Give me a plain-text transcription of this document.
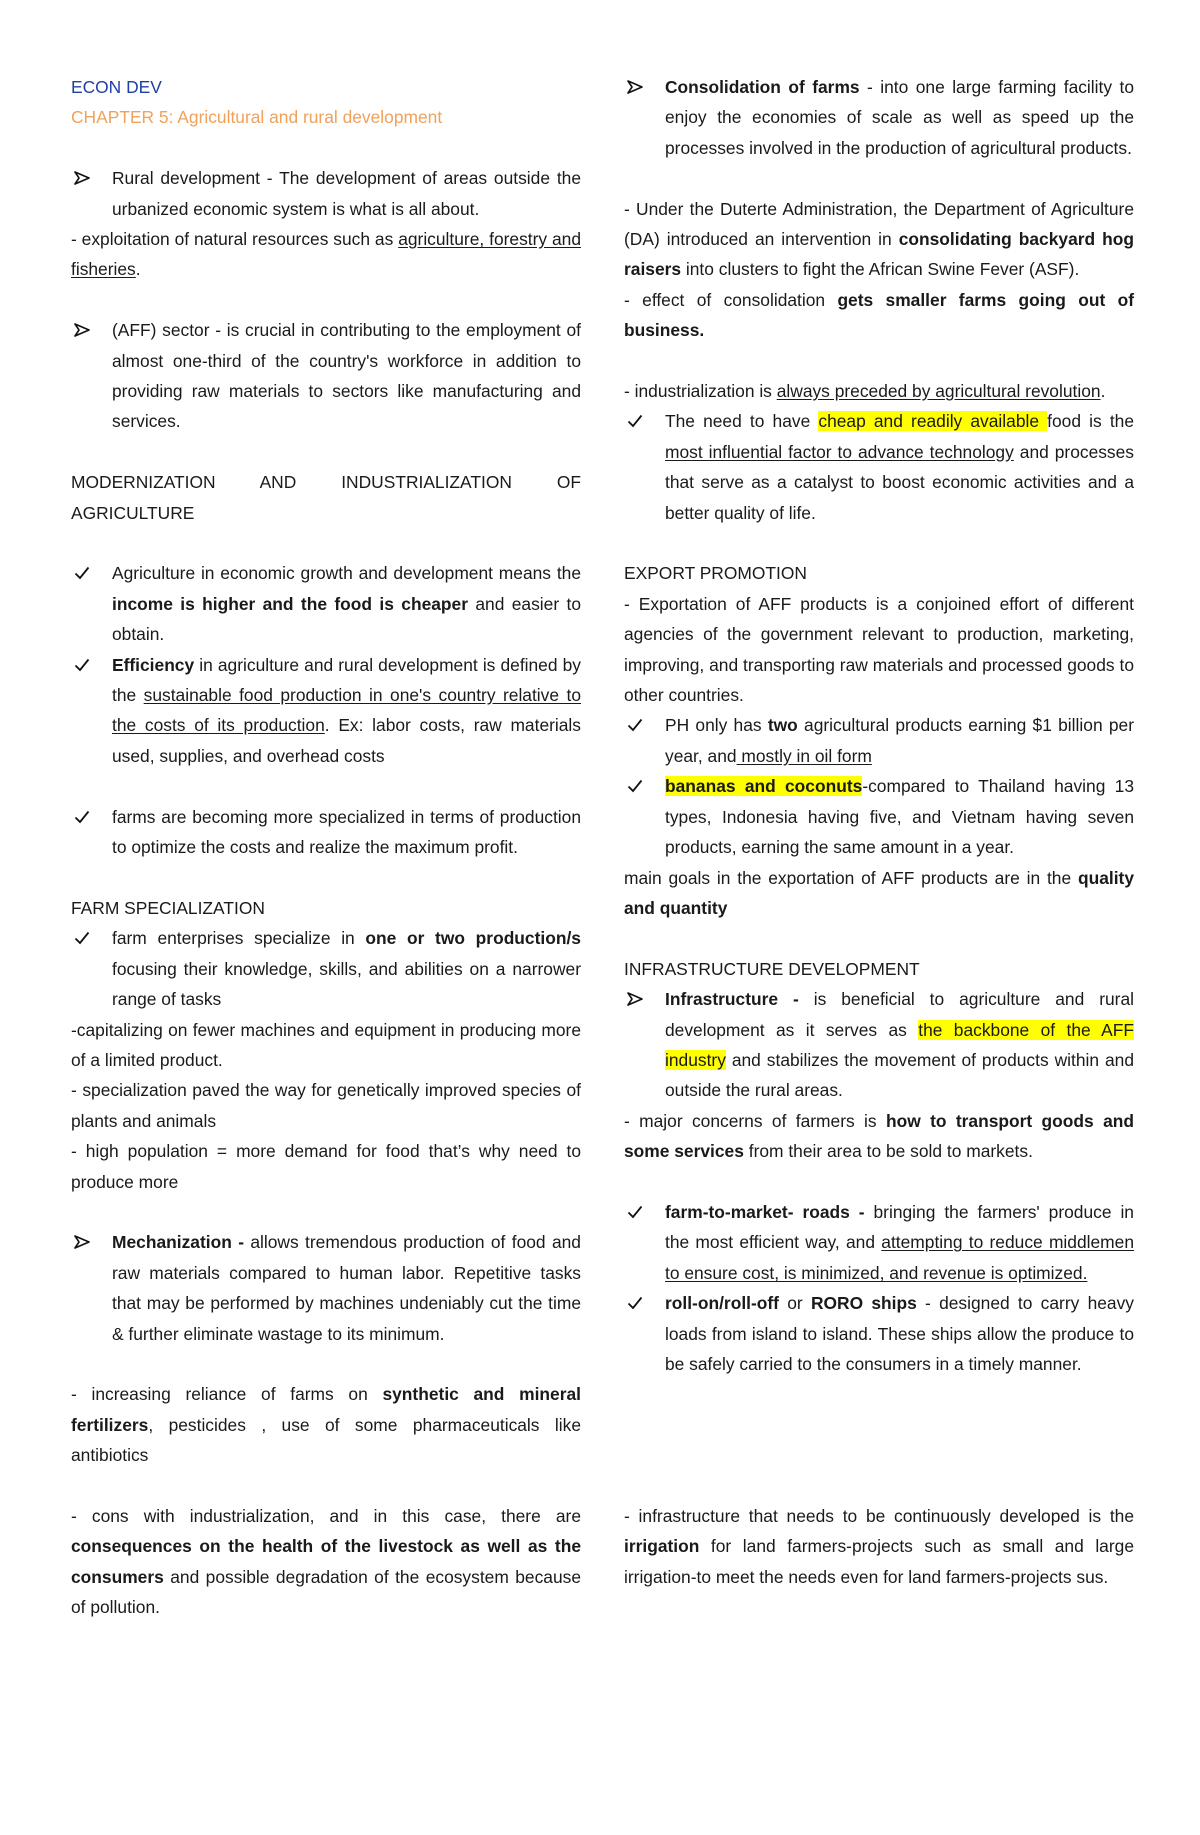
ECON DEV

CHAPTER 5: Agricultural and rural development

Rural development - The development of areas outside the urbanized economic system is what is all about.

- exploitation of natural resources such as agriculture, forestry and fisheries.

(AFF) sector - is crucial in contributing to the employment of almost one-third of the country's workforce in addition to providing raw materials to sectors like manufacturing and services.

MODERNIZATION AND INDUSTRIALIZATION OF AGRICULTURE

Agriculture in economic growth and development means the income is higher and the food is cheaper and easier to obtain.
Efficiency in agriculture and rural development is defined by the sustainable food production in one's country relative to the costs of its production. Ex: labor costs, raw materials used, supplies, and overhead costs
farms are becoming more specialized in terms of production to optimize the costs and realize the maximum profit.

FARM SPECIALIZATION

farm enterprises specialize in one or two production/s focusing their knowledge, skills, and abilities on a narrower range of tasks

-capitalizing on fewer machines and equipment in producing more of a limited product.

- specialization paved the way for genetically improved species of plants and animals

- high population = more demand for food that’s why need to produce more

Mechanization - allows tremendous production of food and raw materials compared to human labor. Repetitive tasks that may be performed by machines undeniably cut the time & further eliminate wastage to its minimum.

- increasing reliance of farms on synthetic and mineral fertilizers, pesticides , use of some pharmaceuticals like antibiotics

- cons with industrialization, and in this case, there are consequences on the health of the livestock as well as the consumers and possible degradation of the ecosystem because of pollution.

Consolidation of farms - into one large farming facility to enjoy the economies of scale as well as speed up the processes involved in the production of agricultural products.

- Under the Duterte Administration, the Department of Agriculture (DA) introduced an intervention in consolidating backyard hog raisers into clusters to fight the African Swine Fever (ASF).

- effect of consolidation gets smaller farms going out of business.

- industrialization is always preceded by agricultural revolution.

The need to have cheap and readily available food is the most influential factor to advance technology and processes that serve as a catalyst to boost economic activities and a better quality of life.

EXPORT PROMOTION

- Exportation of AFF products is a conjoined effort of different agencies of the government relevant to production, marketing, improving, and transporting raw materials and processed goods to other countries.

PH only has two agricultural products earning $1 billion per year, and mostly in oil form
bananas and coconuts-compared to Thailand having 13 types, Indonesia having five, and Vietnam having seven products, earning the same amount in a year.

main goals in the exportation of AFF products are in the quality and quantity

INFRASTRUCTURE DEVELOPMENT

Infrastructure - is beneficial to agriculture and rural development as it serves as the backbone of the AFF industry and stabilizes the movement of products within and outside the rural areas.

- major concerns of farmers is how to transport goods and some services from their area to be sold to markets.

farm-to-market- roads - bringing the farmers' produce in the most efficient way, and attempting to reduce middlemen to ensure cost, is minimized, and revenue is optimized.
roll-on/roll-off or RORO ships - designed to carry heavy loads from island to island. These ships allow the produce to be safely carried to the consumers in a timely manner.

- infrastructure that needs to be continuously developed is the irrigation for land farmers-projects such as small and large irrigation-to meet the needs even for land farmers-projects sus.
